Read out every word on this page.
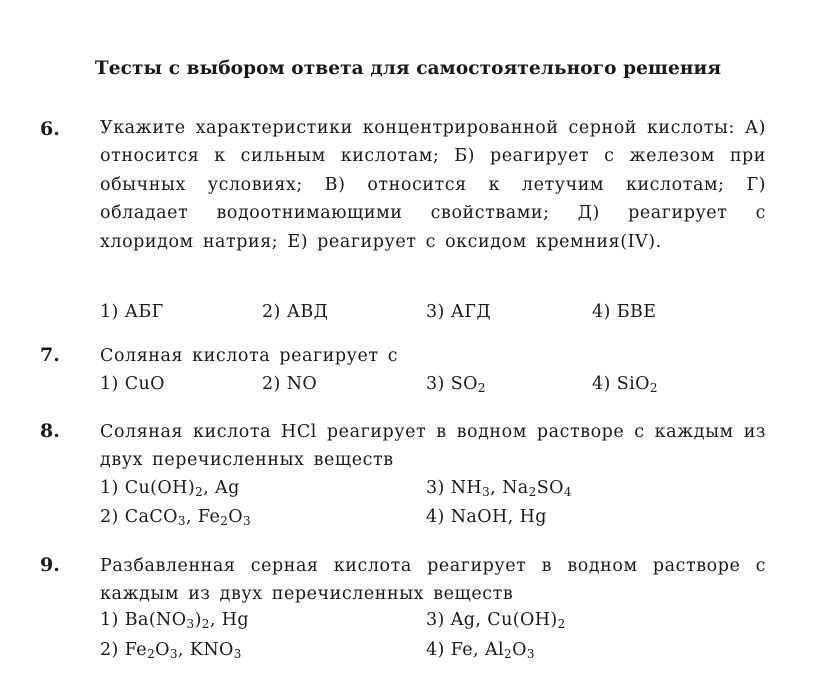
Тесты с выбором ответа для самостоятельного решения
6. Укажите характеристики концентрированной серной кислоты: А) относится к сильным кислотам; Б) реагирует с железом при обычных условиях; В) относится к летучим кислотам; Г) обладает водоотнимающими свойствами; Д) реагирует с хлоридом натрия; Е) реагирует с оксидом кремния(IV).
1) АБГ	2) АВД	3) АГД	4) БВЕ
7. Соляная кислота реагирует с
1) CuO	2) NO	3) $SO_2$	4) SiO$_2$
8. Соляная кислота HCl реагирует в водном растворе с каждым из двух перечисленных веществ
1) $Cu(OH)_2$, Ag	3) $NH_3$, $Na_2SO_4$
2) CaCO$_3$, $Fe_2O_3$	4) NaOH, Hg
9. Разбавленная серная кислота реагирует в водном растворе с каждым из двух перечисленных веществ
1) $Ba(NO_3)_2$, Hg	3) Ag, $Cu(OH)_2$
2) $Fe_2O_3$, $KNO_3$	4) Fe, $Al_2O_3$
